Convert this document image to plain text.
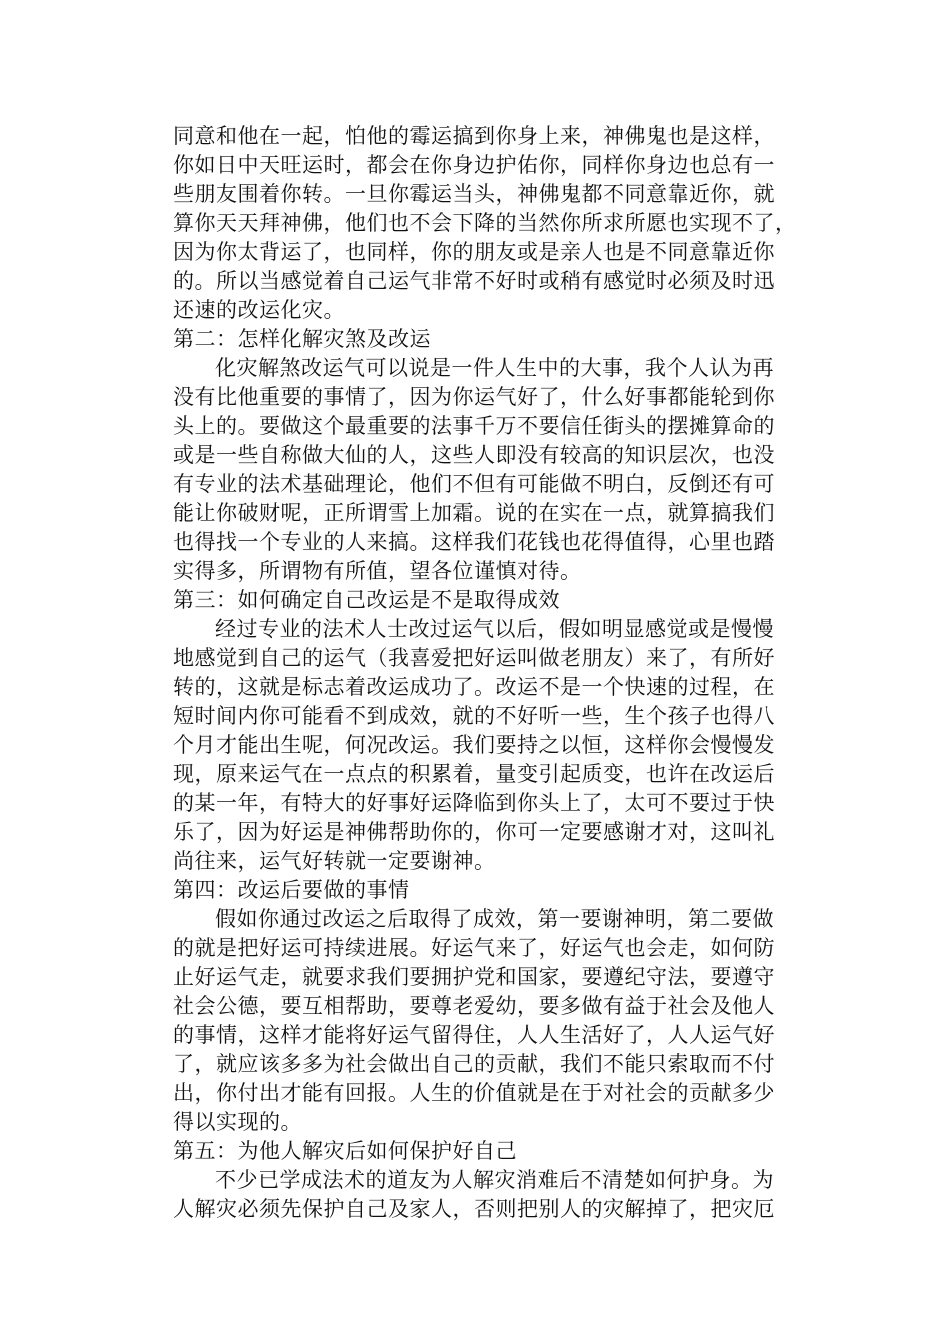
同意和他在一起，怕他的霉运搞到你身上来，神佛鬼也是这样，
你如日中天旺运时，都会在你身边护佑你，同样你身边也总有一
些朋友围着你转。一旦你霉运当头，神佛鬼都不同意靠近你，就
算你天天拜神佛，他们也不会下降的当然你所求所愿也实现不了，
因为你太背运了，也同样，你的朋友或是亲人也是不同意靠近你
的。所以当感觉着自己运气非常不好时或稍有感觉时必须及时迅
还速的改运化灾。
第二：怎样化解灾煞及改运
化灾解煞改运气可以说是一件人生中的大事，我个人认为再
没有比他重要的事情了，因为你运气好了，什么好事都能轮到你
头上的。要做这个最重要的法事千万不要信任街头的摆摊算命的
或是一些自称做大仙的人，这些人即没有较高的知识层次，也没
有专业的法术基础理论，他们不但有可能做不明白，反倒还有可
能让你破财呢，正所谓雪上加霜。说的在实在一点，就算搞我们
也得找一个专业的人来搞。这样我们花钱也花得值得，心里也踏
实得多，所谓物有所值，望各位谨慎对待。
第三：如何确定自己改运是不是取得成效
经过专业的法术人士改过运气以后，假如明显感觉或是慢慢
地感觉到自己的运气（我喜爱把好运叫做老朋友）来了，有所好
转的，这就是标志着改运成功了。改运不是一个快速的过程，在
短时间内你可能看不到成效，就的不好听一些，生个孩子也得八
个月才能出生呢，何况改运。我们要持之以恒，这样你会慢慢发
现，原来运气在一点点的积累着，量变引起质变，也许在改运后
的某一年，有特大的好事好运降临到你头上了，太可不要过于快
乐了，因为好运是神佛帮助你的，你可一定要感谢才对，这叫礼
尚往来，运气好转就一定要谢神。
第四：改运后要做的事情
假如你通过改运之后取得了成效，第一要谢神明，第二要做
的就是把好运可持续进展。好运气来了，好运气也会走，如何防
止好运气走，就要求我们要拥护党和国家，要遵纪守法，要遵守
社会公德，要互相帮助，要尊老爱幼，要多做有益于社会及他人
的事情，这样才能将好运气留得住，人人生活好了，人人运气好
了，就应该多多为社会做出自己的贡献，我们不能只索取而不付
出，你付出才能有回报。人生的价值就是在于对社会的贡献多少
得以实现的。
第五：为他人解灾后如何保护好自己
不少已学成法术的道友为人解灾消难后不清楚如何护身。为
人解灾必须先保护自己及家人，否则把别人的灾解掉了，把灾厄
